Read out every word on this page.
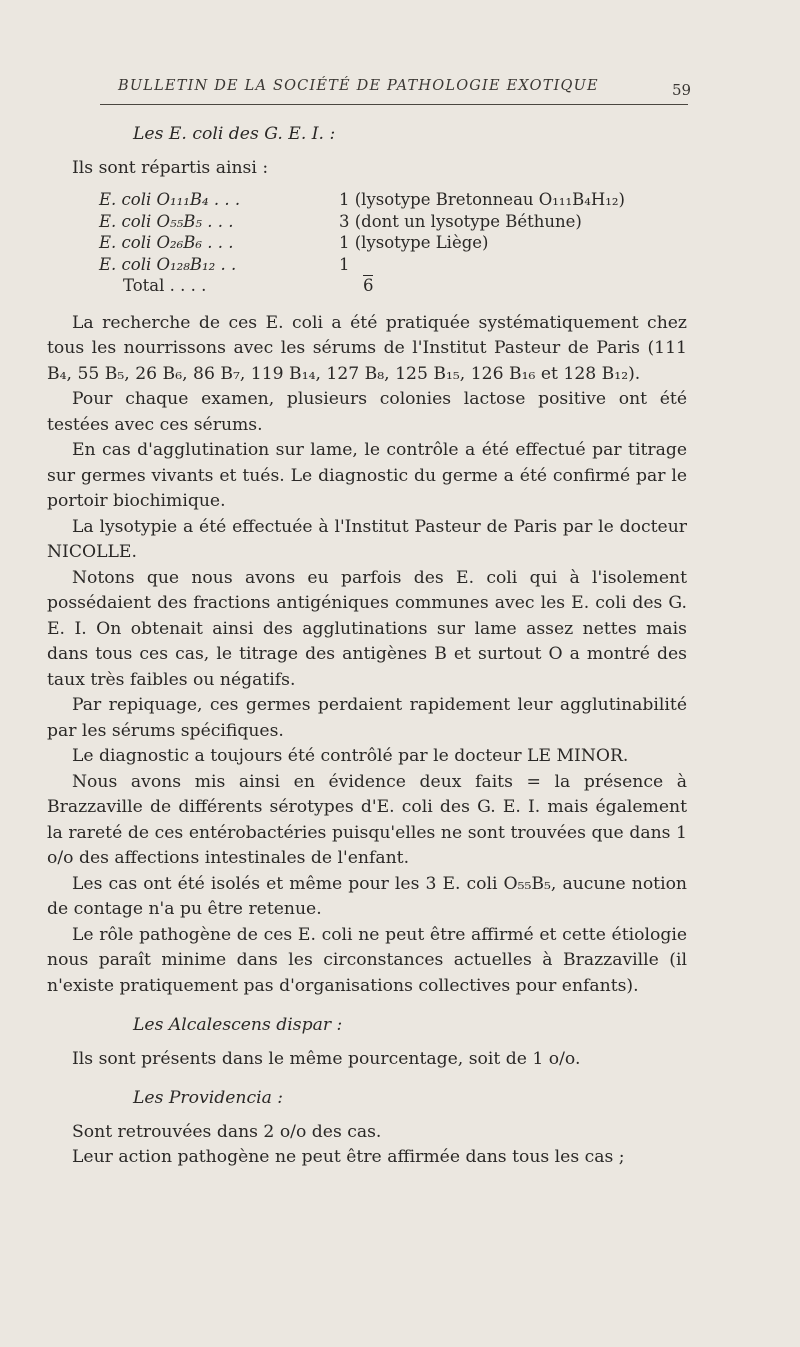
BULLETIN DE LA SOCIÉTÉ DE PATHOLOGIE EXOTIQUE	59
Les E. coli des G. E. I. :

Ils sont répartis ainsi :

E. coli O₁₁₁B₄ . . .	1 (lysotype Bretonneau O₁₁₁B₄H₁₂)
E. coli O₅₅B₅ . . .	3 (dont un lysotype Béthune)
E. coli O₂₆B₆ . . .	1 (lysotype Liège)
E. coli O₁₂₈B₁₂ . .	1
Total . . . .	6

La recherche de ces E. coli a été pratiquée systématiquement chez tous les nourrissons avec les sérums de l'Institut Pasteur de Paris (111 B₄, 55 B₅, 26 B₆, 86 B₇, 119 B₁₄, 127 B₈, 125 B₁₅, 126 B₁₆ et 128 B₁₂).

Pour chaque examen, plusieurs colonies lactose positive ont été testées avec ces sérums.

En cas d'agglutination sur lame, le contrôle a été effectué par titrage sur germes vivants et tués. Le diagnostic du germe a été confirmé par le portoir biochimique.

La lysotypie a été effectuée à l'Institut Pasteur de Paris par le docteur NICOLLE.

Notons que nous avons eu parfois des E. coli qui à l'isolement possédaient des fractions antigéniques communes avec les E. coli des G. E. I. On obtenait ainsi des agglutinations sur lame assez nettes mais dans tous ces cas, le titrage des antigènes B et surtout O a montré des taux très faibles ou négatifs.

Par repiquage, ces germes perdaient rapidement leur agglutinabilité par les sérums spécifiques.

Le diagnostic a toujours été contrôlé par le docteur LE MINOR.

Nous avons mis ainsi en évidence deux faits = la présence à Brazzaville de différents sérotypes d'E. coli des G. E. I. mais également la rareté de ces entérobactéries puisqu'elles ne sont trouvées que dans 1 o/o des affections intestinales de l'enfant.

Les cas ont été isolés et même pour les 3 E. coli O₅₅B₅, aucune notion de contage n'a pu être retenue.

Le rôle pathogène de ces E. coli ne peut être affirmé et cette étiologie nous paraît minime dans les circonstances actuelles à Brazzaville (il n'existe pratiquement pas d'organisations collectives pour enfants).

Les Alcalescens dispar :

Ils sont présents dans le même pourcentage, soit de 1 o/o.

Les Providencia :

Sont retrouvées dans 2 o/o des cas.

Leur action pathogène ne peut être affirmée dans tous les cas ;
